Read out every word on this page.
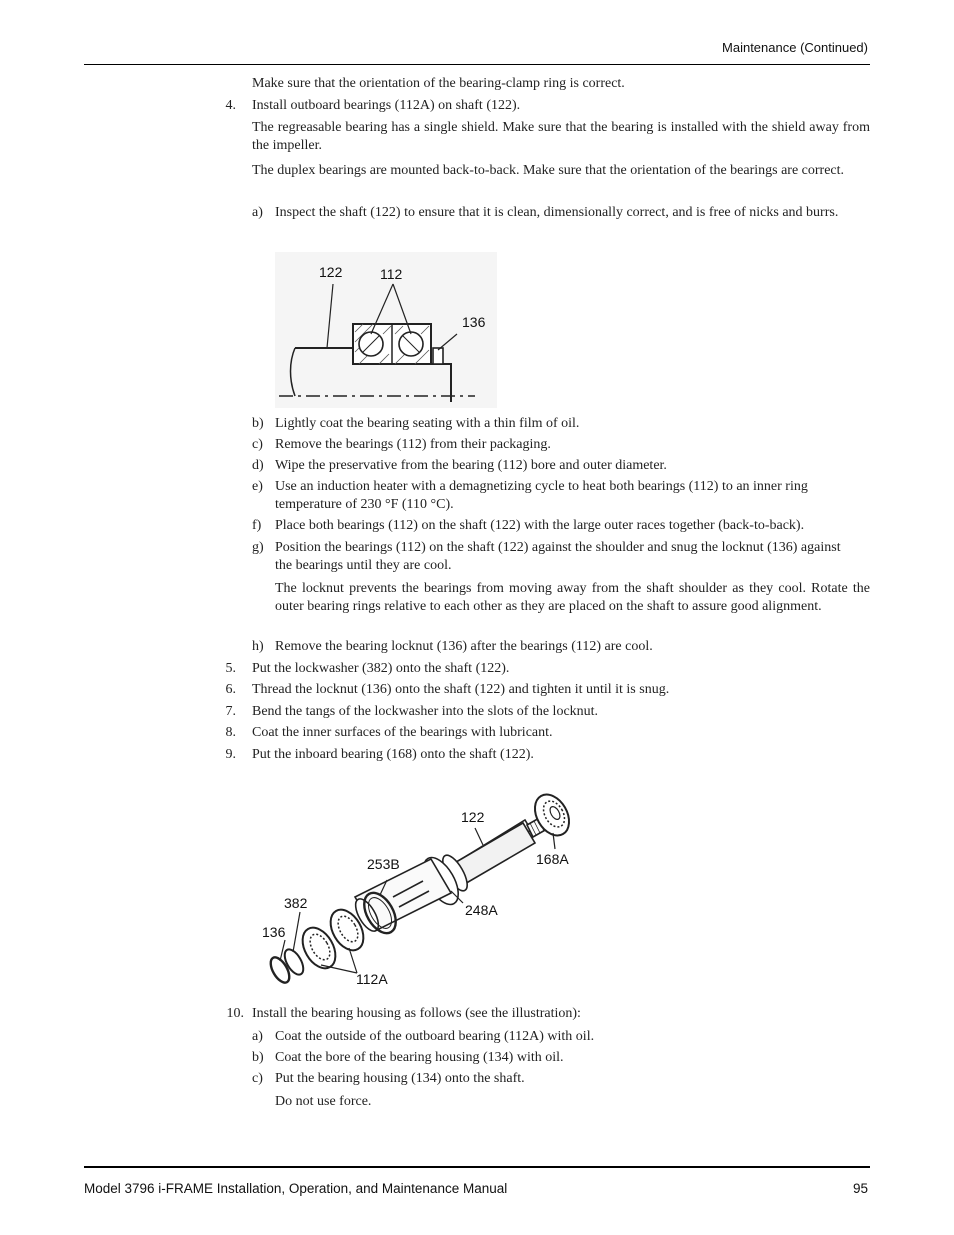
Maintenance (Continued)

Make sure that the orientation of the bearing-clamp ring is correct.

4. Install outboard bearings (112A) on shaft (122).

The regreasable bearing has a single shield. Make sure that the bearing is installed with the shield away from the impeller.

The duplex bearings are mounted back-to-back. Make sure that the orientation of the bearings are correct.

a) Inspect the shaft (122) to ensure that it is clean, dimensionally correct, and is free of nicks and burrs.

122	112
136
b) Lightly coat the bearing seating with a thin film of oil.

c) Remove the bearings (112) from their packaging.

d) Wipe the preservative from the bearing (112) bore and outer diameter.

e) Use an induction heater with a demagnetizing cycle to heat both bearings (112) to an inner ring temperature of 230 °F (110 °C).

f) Place both bearings (112) on the shaft (122) with the large outer races together (back-to-back).

g) Position the bearings (112) on the shaft (122) against the shoulder and snug the locknut (136) against the bearings until they are cool.

The locknut prevents the bearings from moving away from the shaft shoulder as they cool. Rotate the outer bearing rings relative to each other as they are placed on the shaft to assure good alignment.

h) Remove the bearing locknut (136) after the bearings (112) are cool.

5. Put the lockwasher (382) onto the shaft (122).

6. Thread the locknut (136) onto the shaft (122) and tighten it until it is snug.

7. Bend the tangs of the lockwasher into the slots of the locknut.

8. Coat the inner surfaces of the bearings with lubricant.

9. Put the inboard bearing (168) onto the shaft (122).

122
168A
253B
248A
382
136
112A
10. Install the bearing housing as follows (see the illustration):

a) Coat the outside of the outboard bearing (112A) with oil.

b) Coat the bore of the bearing housing (134) with oil.

c) Put the bearing housing (134) onto the shaft.

Do not use force.

Model 3796 i-FRAME Installation, Operation, and Maintenance Manual	95
